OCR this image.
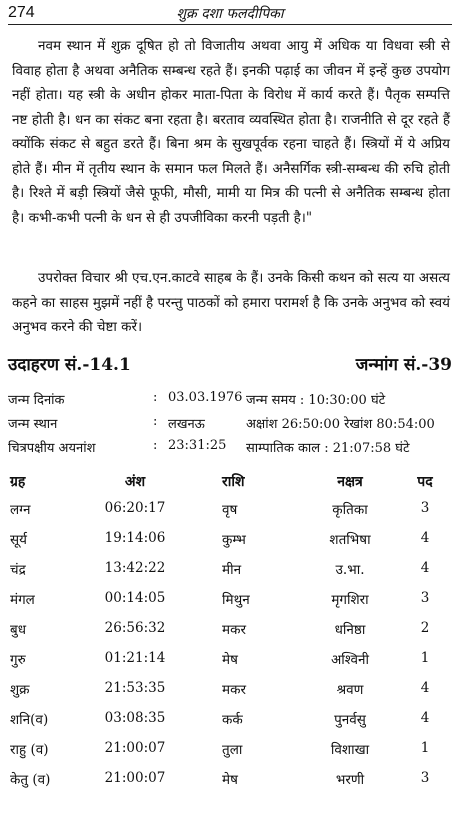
274	शुक्र दशा फलदीपिका

नवम स्थान में शुक्र दूषित हो तो विजातीय अथवा आयु में अधिक या विधवा स्त्री से विवाह होता है अथवा अनैतिक सम्बन्ध रहते हैं। इनकी पढ़ाई का जीवन में इन्हें कुछ उपयोग नहीं होता। यह स्त्री के अधीन होकर माता-पिता के विरोध में कार्य करते हैं। पैतृक सम्पत्ति नष्ट होती है। धन का संकट बना रहता है। बरताव व्यवस्थित होता है। राजनीति से दूर रहते हैं क्योंकि संकट से बहुत डरते हैं। बिना श्रम के सुखपूर्वक रहना चाहते हैं। स्त्रियों में ये अप्रिय होते हैं। मीन में तृतीय स्थान के समान फल मिलते हैं। अनैसर्गिक स्त्री-सम्बन्ध की रुचि होती है। रिश्ते में बड़ी स्त्रियों जैसे फूफी, मौसी, मामी या मित्र की पत्नी से अनैतिक सम्बन्ध होता है। कभी-कभी पत्नी के धन से ही उपजीविका करनी पड़ती है।"

उपरोक्त विचार श्री एच.एन.काटवे साहब के हैं। उनके किसी कथन को सत्य या असत्य कहने का साहस मुझमें नहीं है परन्तु पाठकों को हमारा परामर्श है कि उनके अनुभव को स्वयं अनुभव करने की चेष्टा करें।

उदाहरण सं.-14.1	जन्मांग सं.-39
जन्म दिनांक	: 03.03.1976 जन्म समय : 10:30:00 घंटे
जन्म स्थान	: लखनऊ	अक्षांश 26:50:00 रेखांश 80:54:00
चित्रपक्षीय अयनांश	: 23:31:25 साम्पातिक काल : 21:07:58 घंटे
ग्रह	अंश	राशि	नक्षत्र	पद
लग्न	06:20:17	वृष	कृतिका	3
सूर्य	19:14:06	कुम्भ	शतभिषा	4
चंद्र	13:42:22	मीन	उ.भा.	4
मंगल	00:14:05	मिथुन	मृगशिरा	3
बुध	26:56:32	मकर	धनिष्ठा	2
गुरु	01:21:14	मेष	अश्विनी	1
शुक्र	21:53:35	मकर	श्रवण	4
शनि(व)	03:08:35	कर्क	पुनर्वसु	4
राहु (व)	21:00:07	तुला	विशाखा	1
केतु (व)	21:00:07	मेष	भरणी	3
